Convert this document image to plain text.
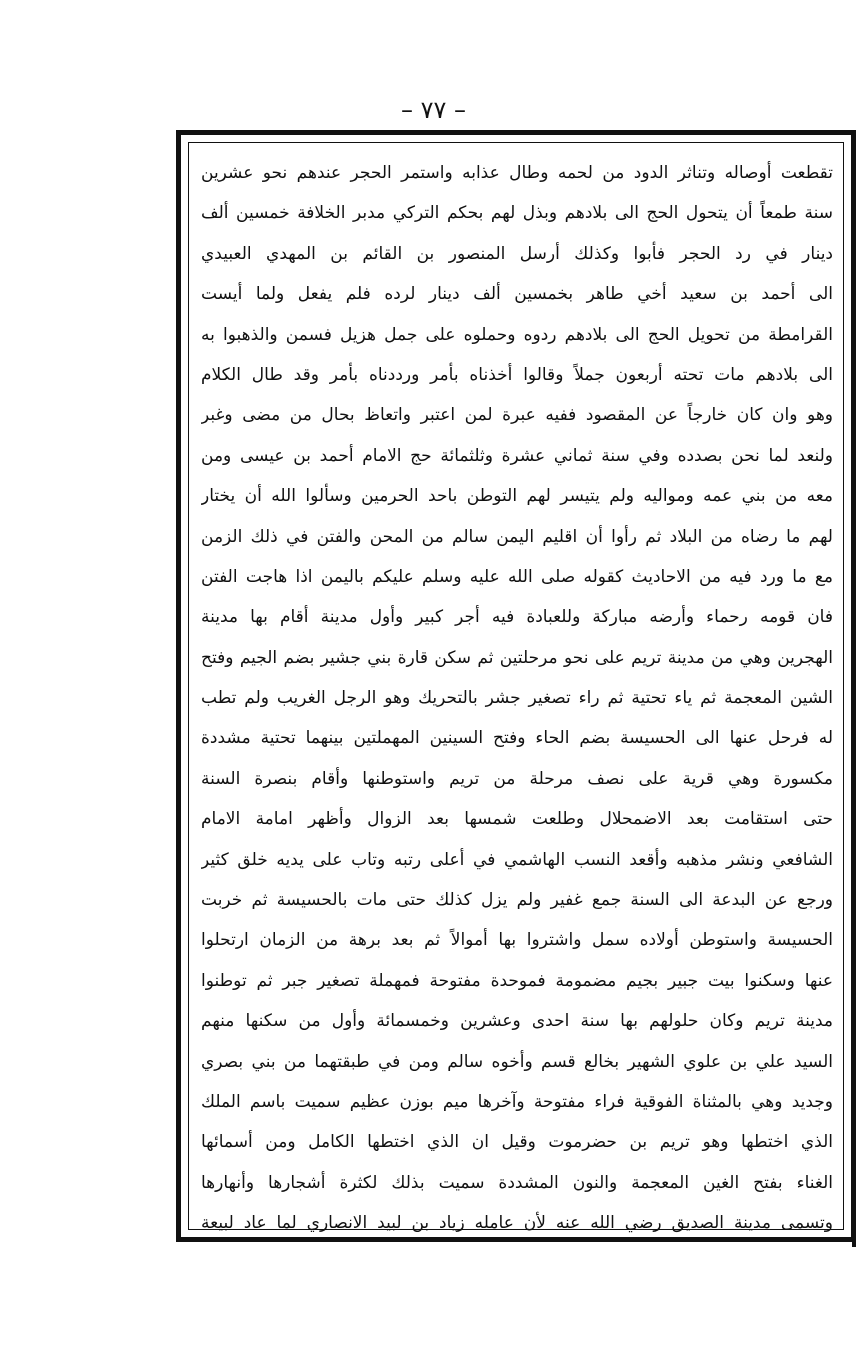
– ٧٧ –
تقطعت أوصاله وتناثر الدود من لحمه وطال عذابه واستمر الحجر عندهم نحو عشرين
سنة طمعاً أن يتحول الحج الى بلادهم وبذل لهم بحكم التركي مدبر الخلافة خمسين ألف
دينار في رد الحجر فأبوا وكذلك أرسل المنصور بن القائم بن المهدي العبيدي
الى أحمد بن سعيد أخي طاهر بخمسين ألف دينار لرده فلم يفعل ولما أيست
القرامطة من تحويل الحج الى بلادهم ردوه وحملوه على جمل هزيل فسمن والذهبوا به
الى بلادهم مات تحته أربعون جملاً وقالوا أخذناه بأمر ورددناه بأمر وقد طال الكلام
وهو وان كان خارجاً عن المقصود ففيه عبرة لمن اعتبر واتعاظ بحال من مضى وغبر
ولنعد لما نحن بصدده وفي سنة ثماني عشرة وثلثمائة حج الامام أحمد بن عيسى ومن
معه من بني عمه ومواليه ولم يتيسر لهم التوطن باحد الحرمين وسألوا الله أن يختار
لهم ما رضاه من البلاد ثم رأوا أن اقليم اليمن سالم من المحن والفتن في ذلك الزمن
مع ما ورد فيه من الاحاديث كقوله صلى الله عليه وسلم عليكم باليمن اذا هاجت الفتن
فان قومه رحماء وأرضه مباركة وللعبادة فيه أجر كبير وأول مدينة أقام بها مدينة
الهجرين وهي من مدينة تريم على نحو مرحلتين ثم سكن قارة بني جشير بضم الجيم وفتح
الشين المعجمة ثم ياء تحتية ثم راء تصغير جشر بالتحريك وهو الرجل الغريب ولم تطب
له فرحل عنها الى الحسيسة بضم الحاء وفتح السينين المهملتين بينهما تحتية مشددة
مكسورة وهي قرية على نصف مرحلة من تريم واستوطنها وأقام بنصرة السنة
حتى استقامت بعد الاضمحلال وطلعت شمسها بعد الزوال وأظهر امامة الامام
الشافعي ونشر مذهبه وأقعد النسب الهاشمي في أعلى رتبه وتاب على يديه خلق كثير
ورجع عن البدعة الى السنة جمع غفير ولم يزل كذلك حتى مات بالحسيسة ثم خربت
الحسيسة واستوطن أولاده سمل واشتروا بها أموالاً ثم بعد برهة من الزمان ارتحلوا
عنها وسكنوا بيت جبير بجيم مضمومة فموحدة مفتوحة فمهملة تصغير جبر ثم توطنوا
مدينة تريم وكان حلولهم بها سنة احدى وعشرين وخمسمائة وأول من سكنها منهم
السيد علي بن علوي الشهير بخالع قسم وأخوه سالم ومن في طبقتهما من بني بصري
وجديد وهي بالمثناة الفوقية فراء مفتوحة وآخرها ميم بوزن عظيم سميت باسم الملك
الذي اختطها وهو تريم بن حضرموت وقيل ان الذي اختطها الكامل ومن أسمائها
الغناء بفتح الغين المعجمة والنون المشددة سميت بذلك لكثرة أشجارها وأنهارها
وتسمى مدينة الصديق رضي الله عنه لأن عامله زياد بن لبيد الانصاري لما عاد لبيعة
